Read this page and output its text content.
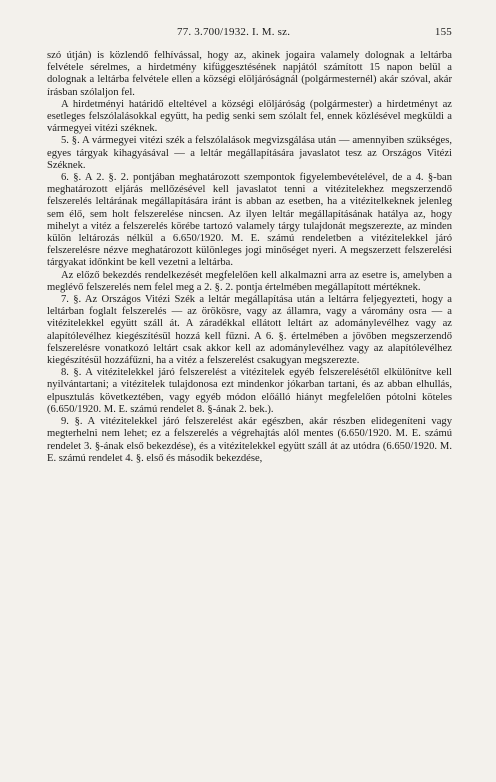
77. 3.700/1932. I. M. sz.	155

szó útján) is közlendő felhívással, hogy az, akinek jogaira valamely dolognak a leltárba felvétele sérelmes, a hirdetmény kifüggesztésének napjától számított 15 napon belül a dolognak a leltárba felvétele ellen a községi elöljáróságnál (polgármesternél) akár szóval, akár írásban szólaljon fel.

A hirdetményi határidő elteltével a községi elöljáróság (polgármester) a hirdetményt az esetleges felszólalásokkal együtt, ha pedig senki sem szólalt fel, ennek közlésével megküldi a vármegyei vitézi széknek.

5. §. A vármegyei vitézi szék a felszólalások megvizsgálása után — amennyiben szükséges, egyes tárgyak kihagyásával — a leltár megállapítására javaslatot tesz az Országos Vitézi Széknek.

6. §. A 2. §. 2. pontjában meghatározott szempontok figyelembevételével, de a 4. §-ban meghatározott eljárás mellőzésével kell javaslatot tenni a vitézitelekhez megszerzendő felszerelés leltárának megállapítására iránt is abban az esetben, ha a vitézitelkeknek jelenleg sem élő, sem holt felszerelése nincsen. Az ilyen leltár megállapításának hatálya az, hogy mihelyt a vitéz a felszerelés körébe tartozó valamely tárgy tulajdonát megszerezte, az minden külön leltározás nélkül a 6.650/1920. M. E. számú rendeletben a vitézitelekkel járó felszerelésre nézve meghatározott különleges jogi minőséget nyeri. A megszerzett felszerelési tárgyakat időnkint be kell vezetni a leltárba.

Az előző bekezdés rendelkezését megfelelően kell alkalmazni arra az esetre is, amelyben a meglévő felszerelés nem felel meg a 2. §. 2. pontja értelmében megállapított mértéknek.

7. §. Az Országos Vitézi Szék a leltár megállapítása után a leltárra feljegyezteti, hogy a leltárban foglalt felszerelés — az örökösre, vagy az államra, vagy a váromány osra — a vitézitelekkel együtt száll át. A záradékkal ellátott leltárt az adománylevélhez vagy az alapítólevélhez kiegészítésül hozzá kell fűzni. A 6. §. értelmében a jövőben megszerzendő felszerelésre vonatkozó leltárt csak akkor kell az adománylevélhez vagy az alapítólevélhez kiegészítésül hozzáfűzni, ha a vitéz a felszerelést csakugyan megszerezte.

8. §. A vitézitelekkel járó felszerelést a vitézitelek egyéb felszerelésétől elkülönítve kell nyilvántartani; a vitézitelek tulajdonosa ezt mindenkor jókarban tartani, és az abban elhullás, elpusztulás következtében, vagy egyéb módon előálló hiányt megfelelően pótolni köteles (6.650/1920. M. E. számú rendelet 8. §-ának 2. bek.).

9. §. A vitézitelekkel járó felszerelést akár egészben, akár részben elidegeníteni vagy megterhelni nem lehet; ez a felszerelés a végrehajtás alól mentes (6.650/1920. M. E. számú rendelet 3. §-ának első bekezdése), és a vitézitelekkel együtt száll át az utódra (6.650/1920. M. E. számú rendelet 4. §. első és második bekezdése,
